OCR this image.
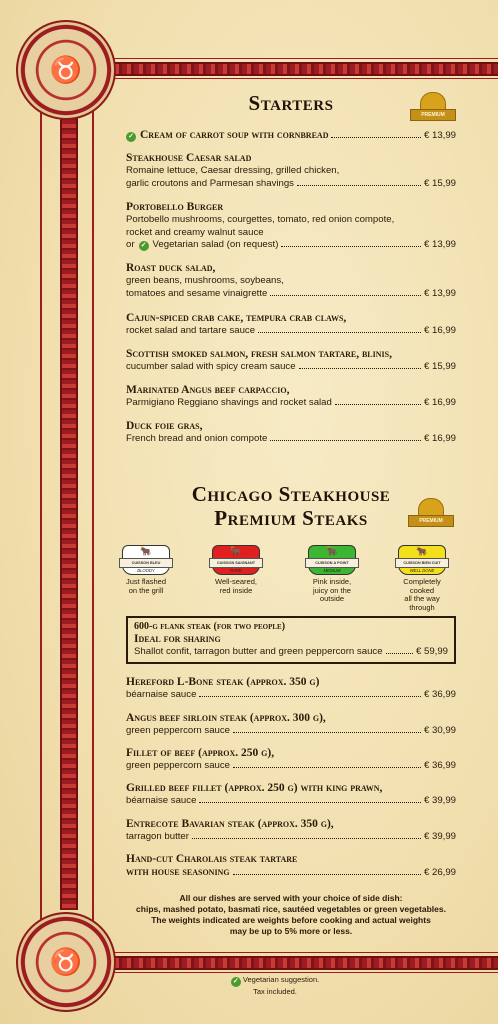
♉
♉
Starters	PREMIUM
✓ Cream of carrot soup with cornbread	€ 13,99
Steakhouse Caesar salad
Romaine lettuce, Caesar dressing, grilled chicken,
garlic croutons and Parmesan shavings	€ 15,99
Portobello Burger
Portobello mushrooms, courgettes, tomato, red onion compote,
rocket and creamy walnut sauce
or ✓ Vegetarian salad (on request)	€ 13,99
Roast duck salad,
green beans, mushrooms, soybeans,
tomatoes and sesame vinaigrette	€ 13,99
Cajun-spiced crab cake, tempura crab claws,
rocket salad and tartare sauce	€ 16,99
Scottish smoked salmon, fresh salmon tartare, blinis,
cucumber salad with spicy cream sauce	€ 15,99
Marinated Angus beef carpaccio,
Parmigiano Reggiano shavings and rocket salad	€ 16,99
Duck foie gras,
French bread and onion compote	€ 16,99
Chicago Steakhouse
Premium Steaks	PREMIUM
🐂
CUISSON BLEU
BLOODY
Just flashed
on the grill
🐂
CUISSON SAIGNANT
RARE
Well-seared,
red inside
🐂
CUISSON A POINT
MEDIUM
Pink inside,
juicy on the outside
🐂
CUISSON BIEN CUIT
WELL DONE
Completely cooked
all the way through
600-g flank steak (for two people)
Ideal for sharing
Shallot confit, tarragon butter and green peppercorn sauce	€ 59,99
Hereford L-Bone steak (approx. 350 g)
béarnaise sauce	€ 36,99
Angus beef sirloin steak (approx. 300 g),
green peppercorn sauce	€ 30,99
Fillet of beef (approx. 250 g),
green peppercorn sauce	€ 36,99
Grilled beef fillet (approx. 250 g) with king prawn,
béarnaise sauce	€ 39,99
Entrecote Bavarian steak (approx. 350 g),
tarragon butter	€ 39,99
Hand-cut Charolais steak tartare
with house seasoning	€ 26,99
All our dishes are served with your choice of side dish:
chips, mashed potato, basmati rice, sautéed vegetables or green vegetables.
The weights indicated are weights before cooking and actual weights
may be up to 5% more or less.
✓ Vegetarian suggestion.
Tax included.
